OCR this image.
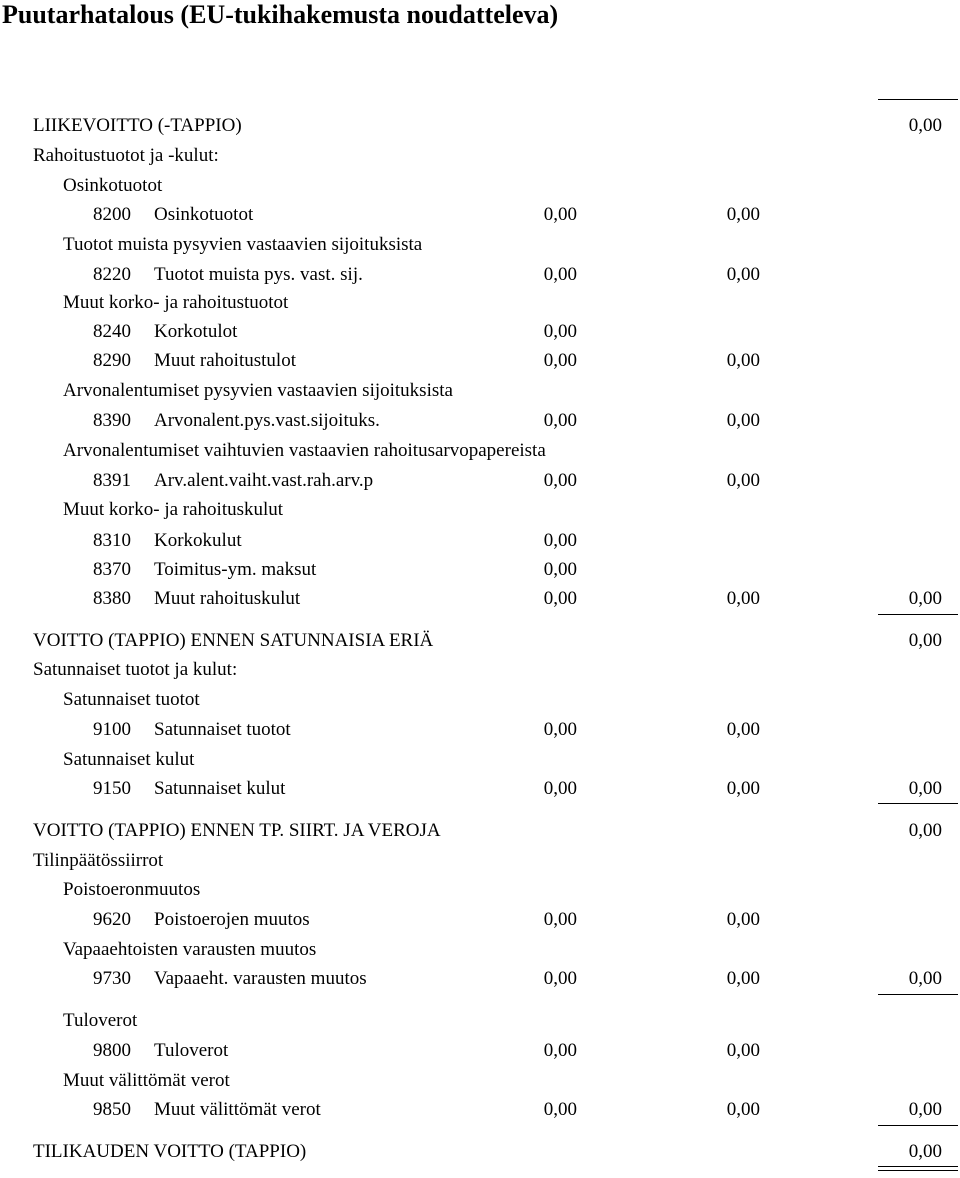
Puutarhatalous (EU-tukihakemusta noudatteleva)
LIIKEVOITTO (-TAPPIO)	0,00
Rahoitustuotot ja -kulut:
Osinkotuotot
8200 Osinkotuotot	0,00	0,00
Tuotot muista pysyvien vastaavien sijoituksista
8220 Tuotot muista pys. vast. sij.	0,00	0,00
Muut korko- ja rahoitustuotot
8240 Korkotulot	0,00
8290 Muut rahoitustulot	0,00	0,00
Arvonalentumiset pysyvien vastaavien sijoituksista
8390 Arvonalent.pys.vast.sijoituks.	0,00	0,00
Arvonalentumiset vaihtuvien vastaavien rahoitusarvopapereista
8391 Arv.alent.vaiht.vast.rah.arv.p	0,00	0,00
Muut korko- ja rahoituskulut
8310 Korkokulut	0,00
8370 Toimitus-ym. maksut	0,00
8380 Muut rahoituskulut	0,00	0,00	0,00
VOITTO (TAPPIO) ENNEN SATUNNAISIA ERIÄ	0,00
Satunnaiset tuotot ja kulut:
Satunnaiset tuotot
9100 Satunnaiset tuotot	0,00	0,00
Satunnaiset kulut
9150 Satunnaiset kulut	0,00	0,00	0,00
VOITTO (TAPPIO) ENNEN TP. SIIRT. JA VEROJA	0,00
Tilinpäätössiirrot
Poistoeronmuutos
9620 Poistoerojen muutos	0,00	0,00
Vapaaehtoisten varausten muutos
9730 Vapaaeht. varausten muutos	0,00	0,00	0,00
Tuloverot
9800 Tuloverot	0,00	0,00
Muut välittömät verot
9850 Muut välittömät verot	0,00	0,00	0,00
TILIKAUDEN VOITTO (TAPPIO)	0,00
